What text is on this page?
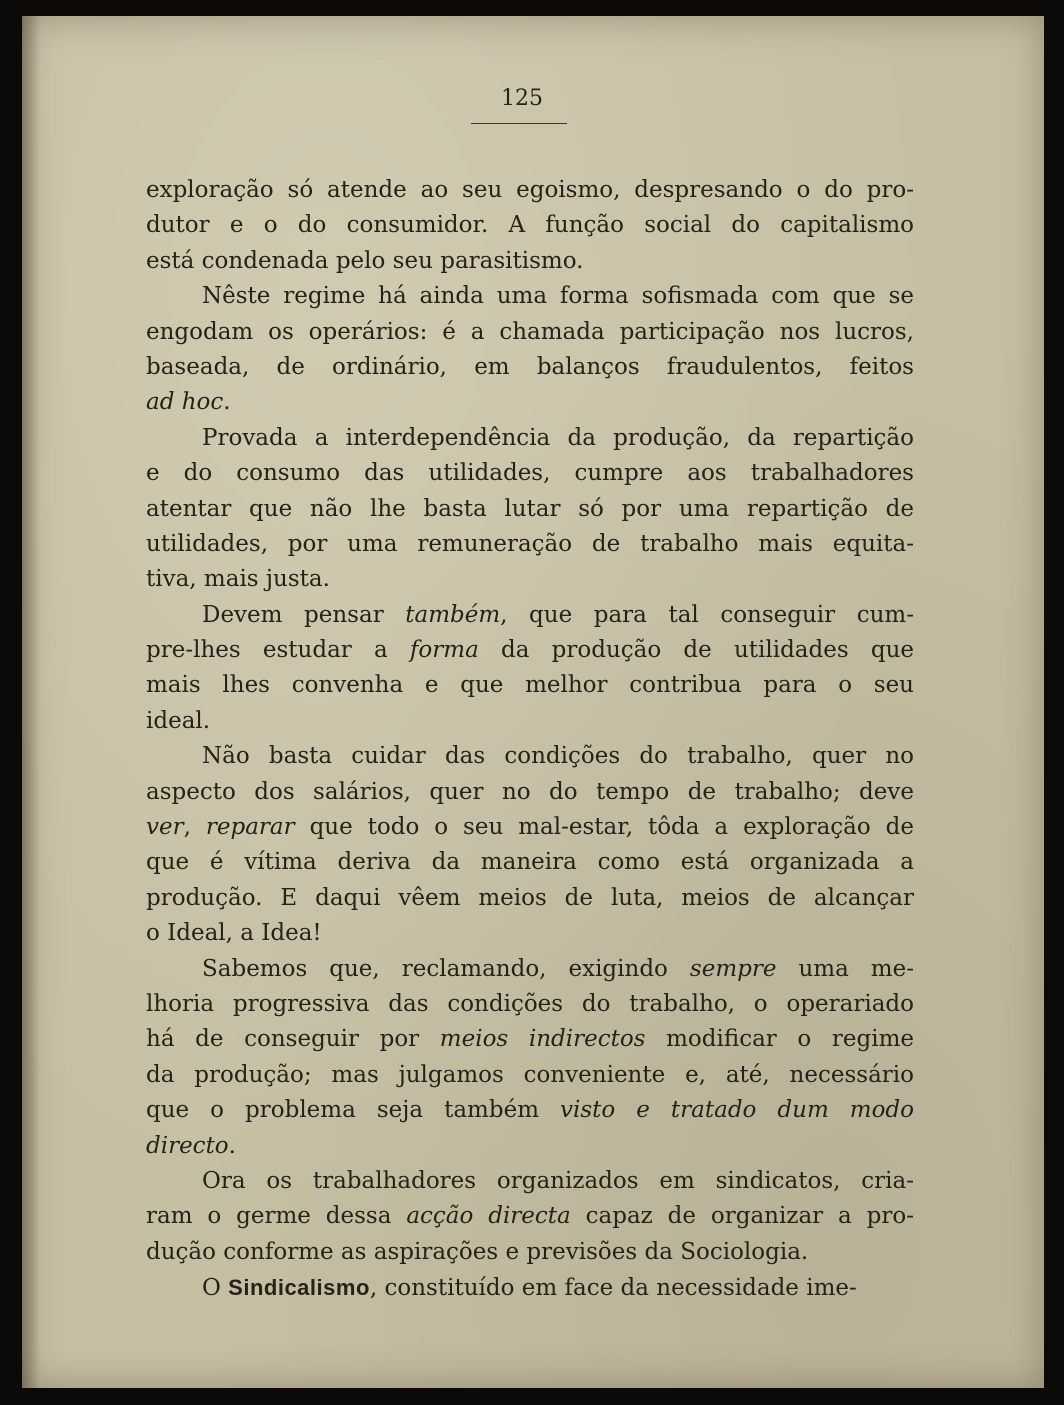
125

exploração só atende ao seu egoismo, despresando o do pro-
dutor e o do consumidor. A função social do capitalismo
está condenada pelo seu parasitismo.
Nêste regime há ainda uma forma sofismada com que se
engodam os operários: é a chamada participação nos lucros,
baseada, de ordinário, em balanços fraudulentos, feitos
ad hoc.
Provada a interdependência da produção, da repartição
e do consumo das utilidades, cumpre aos trabalhadores
atentar que não lhe basta lutar só por uma repartição de
utilidades, por uma remuneração de trabalho mais equita-
tiva, mais justa.
Devem pensar também, que para tal conseguir cum-
pre-lhes estudar a forma da produção de utilidades que
mais lhes convenha e que melhor contribua para o seu
ideal.
Não basta cuidar das condições do trabalho, quer no
aspecto dos salários, quer no do tempo de trabalho; deve
ver, reparar que todo o seu mal-estar, tôda a exploração de
que é vítima deriva da maneira como está organizada a
produção. E daqui vêem meios de luta, meios de alcançar
o Ideal, a Idea!
Sabemos que, reclamando, exigindo sempre uma me-
lhoria progressiva das condições do trabalho, o operariado
há de conseguir por meios indirectos modificar o regime
da produção; mas julgamos conveniente e, até, necessário
que o problema seja também visto e tratado dum modo
directo.
Ora os trabalhadores organizados em sindicatos, cria-
ram o germe dessa acção directa capaz de organizar a pro-
dução conforme as aspirações e previsões da Sociologia.
O Sindicalismo, constituído em face da necessidade ime-
